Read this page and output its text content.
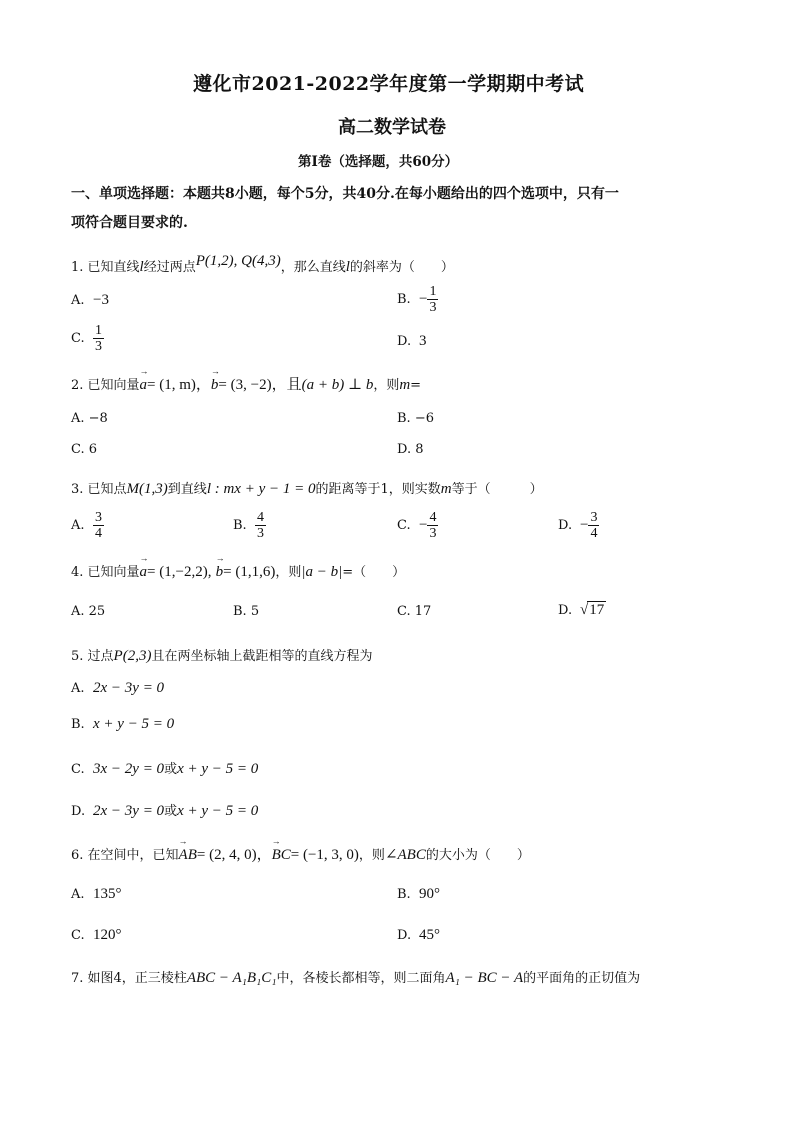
遵化市2021-2022学年度第一学期期中考试
高二数学试卷
第Ⅰ卷（选择题，共60分）
一、单项选择题：本题共8小题，每个5分，共40分.在每小题给出的四个选项中，只有一
项符合题目要求的.
1. 已知直线l经过两点P(1,2), Q(4,3)，那么直线l的斜率为（　　）
A. −3	B. − $\frac{1}{3}$
C. $\frac{1}{3}$	D. 3
2. 已知向量→ a= (1, m)，→ b= (3, −2)，且(a + b) ⊥ b，则m=
A. −8	B. −6
C. 6	D. 8
3. 已知点M(1,3)到直线l : mx + y − 1 = 0的距离等于1，则实数m等于（　　　）
A. $\frac{3}{4}$	B. $\frac{4}{3}$	C. − $\frac{4}{3}$	D. − $\frac{3}{4}$
4. 已知向量→ a= (1,−2,2), → b= (1,1,6)，则|a − b|=（　　）
A. 25	B. 5	C. 17	D. √17
5. 过点P(2,3)且在两坐标轴上截距相等的直线方程为
A. 2x − 3y = 0
B. x + y − 5 = 0
C. 3x − 2y = 0或x + y − 5 = 0
D. 2x − 3y = 0或x + y − 5 = 0
6. 在空间中，已知→ AB= (2, 4, 0)，→ BC= (−1, 3, 0)，则∠ABC的大小为（　　）
A. 135°	B. 90°
C. 120°	D. 45°
7. 如图4，正三棱柱ABC − A₁B₁C₁中，各棱长都相等，则二面角A₁ − BC − A的平面角的正切值为
